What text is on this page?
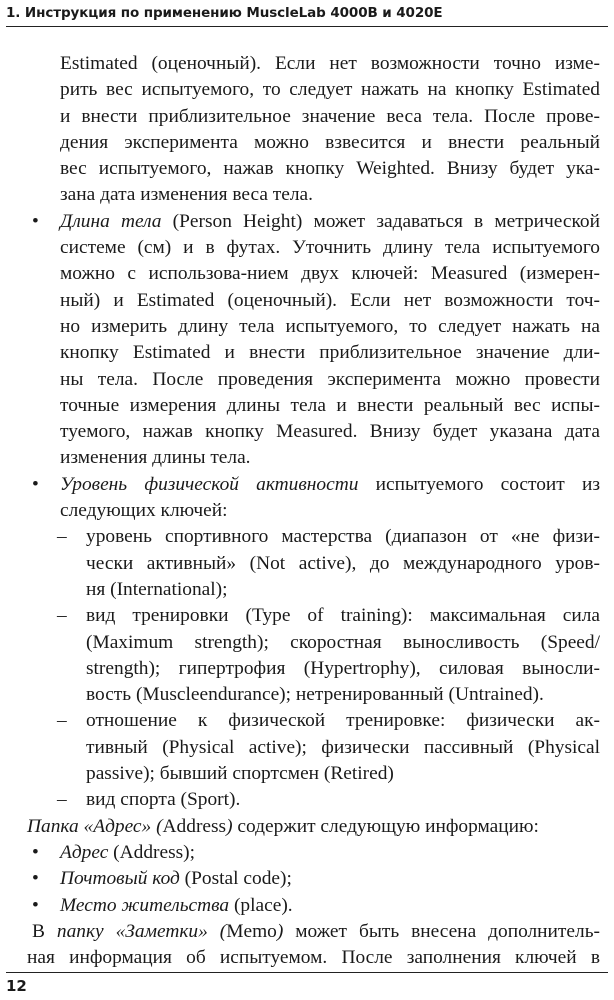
1. Инструкция по применению MuscleLab 4000B и 4020E
Estimated (оценочный). Если нет возможности точно изме-
рить вес испытуемого, то следует нажать на кнопку Estimated
и внести приблизительное значение веса тела. После прове-
дения эксперимента можно взвесится и внести реальный
вес испытуемого, нажав кнопку Weighted. Внизу будет ука-
зана дата изменения веса тела.
• Длина тела (Person Height) может задаваться в метрической
системе (см) и в футах. Уточнить длину тела испытуемого
можно с использова-нием двух ключей: Measured (измерен-
ный) и Estimated (оценочный). Если нет возможности точ-
но измерить длину тела испытуемого, то следует нажать на
кнопку Estimated и внести приблизительное значение дли-
ны тела. После проведения эксперимента можно провести
точные измерения длины тела и внести реальный вес испы-
туемого, нажав кнопку Measured. Внизу будет указана дата
изменения длины тела.
• Уровень физической активности испытуемого состоит из
следующих ключей:
– уровень спортивного мастерства (диапазон от «не физи-
чески активный» (Not active), до международного уров-
ня (International);
– вид тренировки (Type of training): максимальная сила
(Maximum strength); скоростная выносливость (Speed/
strength); гипертрофия (Hypertrophy), силовая выносли-
вость (Muscleendurance); нетренированный (Untrained).
– отношение к физической тренировке: физически ак-
тивный (Physical active); физически пассивный (Physical
passive); бывший спортсмен (Retired)
– вид спорта (Sport).
Папка «Адрес» (Address) содержит следующую информацию:
• Адрес (Address);
• Почтовый код (Postal code);
• Место жительства (place).
В папку «Заметки» (Memo) может быть внесена дополнитель-
ная информация об испытуемом. После заполнения ключей в
12
